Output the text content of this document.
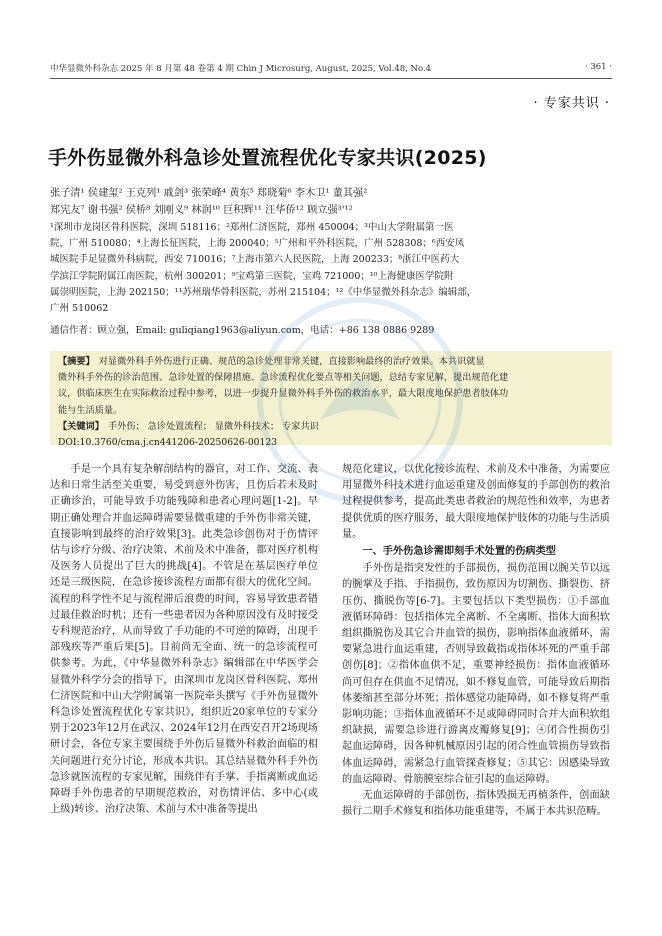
中华显微外科杂志 2025 年 8 月第 48 卷第 4 期 Chin J Microsurg, August, 2025, Vol.48, No.4	· 361 ·
· 专家共识 ·
手外伤显微外科急诊处置流程优化专家共识(2025)

张子清¹ 侯建玺² 王克列¹ 戚剑³ 张荣峰⁴ 黄东⁵ 郑晓菊⁶ 李木卫¹ 董其强²

郑宪友⁷ 谢书强² 侯桥⁸ 刘刚义⁹ 林润¹⁰ 巨积辉¹¹ 汪华侨¹² 顾立强³'¹²

¹深圳市龙岗区骨科医院，深圳 518116；²郑州仁济医院，郑州 450004；³中山大学附属第一医

院，广州 510080；⁴上海长征医院，上海 200040；⁵广州和平外科医院，广州 528308；⁶西安凤

城医院手足显微外科病院，西安 710016；⁷上海市第六人民医院，上海 200233；⁸浙江中医药大

学滨江学院附属江南医院，杭州 300201；⁹宝鸡第三医院，宝鸡 721000；¹⁰上海健康医学院附

属崇明医院，上海 202150；¹¹苏州瑞华骨科医院，苏州 215104；¹²《中华显微外科杂志》编辑部，

广州 510062

通信作者：顾立强，Email: guliqiang1963@aliyun.com，电话：+86 138 0886 9289

【摘要】 对显微外科手外伤进行正确、规范的急诊处理非常关键，直接影响最终的治疗效果。本共识就显

微外科手外伤的诊治范围、急诊处置的保障措施、急诊流程优化要点等相关问题，总结专家见解，提出规范化建

议，供临床医生在实际救治过程中参考，以进一步提升显微外科手外伤的救治水平，最大限度地保护患者肢体功

能与生活质量。

【关键词】 手外伤； 急诊处置流程； 显微外科技术； 专家共识

DOI:10.3760/cma.j.cn441206-20250626-00123

手是一个具有复杂解剖结构的器官，对工作、交流、表达和日常生活至关重要，易受到意外伤害，且伤后若未及时正确诊治，可能导致手功能残障和患者心理问题[1-2]。早期正确处理合并血运障碍需要显微重建的手外伤非常关键，直接影响到最终的治疗效果[3]。此类急诊创伤对于伤情评估与诊疗分级、治疗决策、术前及术中准备，都对医疗机构及医务人员提出了巨大的挑战[4]。不管是在基层医疗单位还是三级医院，在急诊接诊流程方面都有很大的优化空间。流程的科学性不足与流程滞后浪费的时间，容易导致患者错过最佳救治时机；还有一些患者因为各种原因没有及时接受专科规范治疗，从而导致了手功能的不可逆的障碍，出现手部残疾等严重后果[5]。目前尚无全面、统一的急诊流程可供参考。为此，《中华显微外科杂志》编辑部在中华医学会显微外科学分会的指导下，由深圳市龙岗区骨科医院、郑州仁济医院和中山大学附属第一医院牵头撰写《手外伤显微外科急诊处置流程优化专家共识》，组织近20家单位的专家分别于2023年12月在武汉、2024年12月在西安召开2场现场研讨会，各位专家主要围绕手外伤后显微外科救治面临的相关问题进行充分讨论，形成本共识。其总结显微外科手外伤急诊就医流程的专家见解，围绕伴有手掌、手指离断或血运障碍手外伤患者的早期规范救治，对伤情评估、多中心(或上级)转诊、治疗决策、术前与术中准备等提出

规范化建议，以优化接诊流程、术前及术中准备，为需要应用显微外科技术进行血运重建及创面修复的手部创伤的救治过程提供参考，提高此类患者救治的规范性和效率，为患者提供优质的医疗服务，最大限度地保护肢体的功能与生活质量。

一、手外伤急诊需即刻手术处置的伤病类型

手外伤是指突发性的手部损伤，损伤范围以腕关节以远的腕掌及手指、手指损伤，致伤原因为切割伤、撕裂伤、挤压伤、撕脱伤等[6-7]。主要包括以下类型损伤：①手部血液循环障碍：包括指体完全离断、不全离断、指体大面积软组织撕脱伤及其它合并血管的损伤，影响指体血液循环，需要紧急进行血运重建，否则导致截指或指体坏死的严重手部创伤[8]；②指体血供不足，重要神经损伤：指体血液循环尚可但存在供血不足情况，如不修复血管，可能导致后期指体萎缩甚至部分坏死；指体感觉功能障碍，如不修复将严重影响功能；③指体血液循环不足或障碍同时合并大面积软组织缺损，需要急诊进行游离皮瓣修复[9]；④闭合性损伤引起血运障碍，因各种机械原因引起的闭合性血管损伤导致指体血运障碍，需紧急行血管探查修复；⑤其它：因感染导致的血运障碍、骨筋膜室综合征引起的血运障碍。

无血运障碍的手部创伤，指体毁损无再植条件，创面缺损行二期手术修复和指体功能重建等，不属于本共识范畴。
